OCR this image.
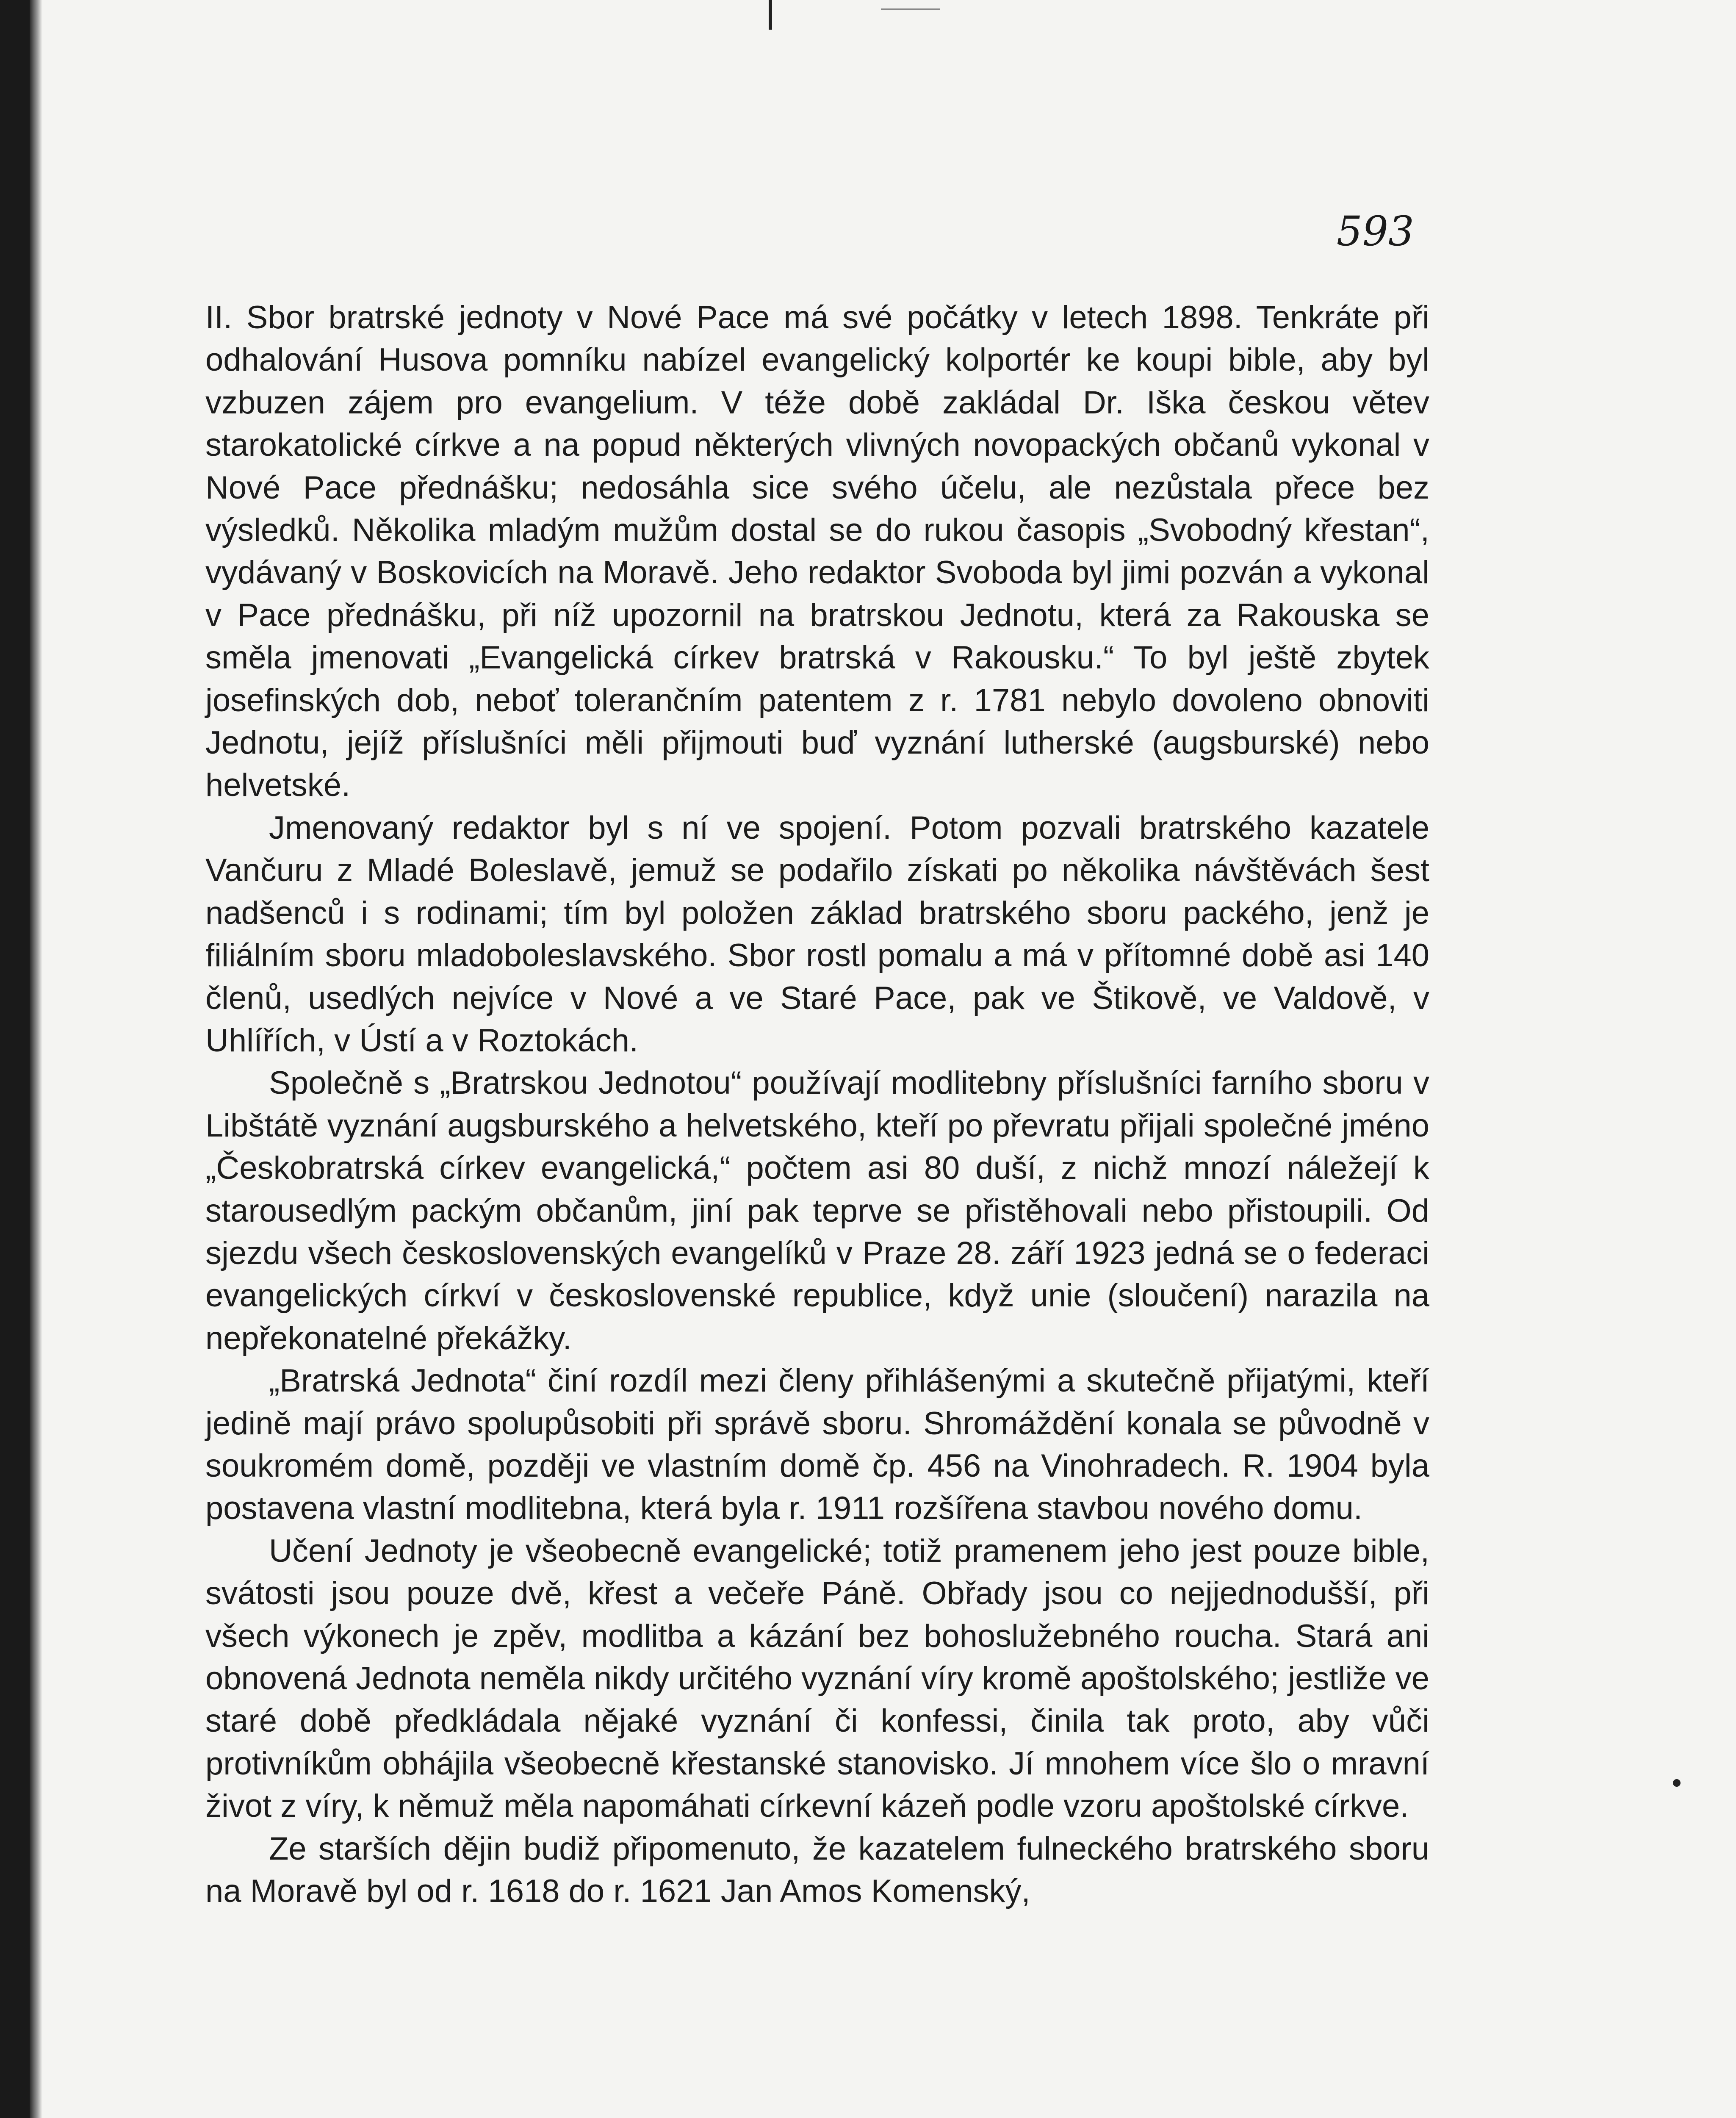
593

II. Sbor bratrské jednoty v Nové Pace má své počátky v letech 1898. Tenkráte při odhalování Husova pomníku nabízel evangelický kolportér ke koupi bible, aby byl vzbuzen zájem pro evangelium. V téže době zakládal Dr. Iška českou větev starokatolické církve a na popud některých vlivných novopackých občanů vykonal v Nové Pace přednášku; nedosáhla sice svého účelu, ale nezůstala přece bez výsledků. Několika mladým mužům dostal se do rukou časopis „Svobodný křestan“, vydávaný v Boskovicích na Moravě. Jeho redaktor Svoboda byl jimi pozván a vykonal v Pace přednášku, při níž upozornil na bratrskou Jednotu, která za Rakouska se směla jmenovati „Evangelická církev bratrská v Rakousku.“ To byl ještě zbytek josefinských dob, neboť tolerančním patentem z r. 1781 nebylo dovoleno obnoviti Jednotu, jejíž příslušníci měli přijmouti buď vyznání lutherské (augsburské) nebo helvetské.

Jmenovaný redaktor byl s ní ve spojení. Potom pozvali bratrského kazatele Vančuru z Mladé Boleslavě, jemuž se podařilo získati po několika návštěvách šest nadšenců i s rodinami; tím byl položen základ bratrského sboru packého, jenž je filiálním sboru mladoboleslavského. Sbor rostl pomalu a má v přítomné době asi 140 členů, usedlých nejvíce v Nové a ve Staré Pace, pak ve Štikově, ve Valdově, v Uhlířích, v Ústí a v Roztokách.

Společně s „Bratrskou Jednotou“ používají modlitebny příslušníci farního sboru v Libštátě vyznání augsburského a helvetského, kteří po převratu přijali společné jméno „Českobratrská církev evangelická,“ počtem asi 80 duší, z nichž mnozí náležejí k starousedlým packým občanům, jiní pak teprve se přistěhovali nebo přistoupili. Od sjezdu všech československých evangelíků v Praze 28. září 1923 jedná se o federaci evangelických církví v československé republice, když unie (sloučení) narazila na nepřekonatelné překážky.

„Bratrská Jednota“ činí rozdíl mezi členy přihlášenými a skutečně přijatými, kteří jedině mají právo spolupůsobiti při správě sboru. Shromáždění konala se původně v soukromém domě, později ve vlastním domě čp. 456 na Vinohradech. R. 1904 byla postavena vlastní modlitebna, která byla r. 1911 rozšířena stavbou nového domu.

Učení Jednoty je všeobecně evangelické; totiž pramenem jeho jest pouze bible, svátosti jsou pouze dvě, křest a večeře Páně. Obřady jsou co nejjednodušší, při všech výkonech je zpěv, modlitba a kázání bez bohoslužebného roucha. Stará ani obnovená Jednota neměla nikdy určitého vyznání víry kromě apoštolského; jestliže ve staré době předkládala nějaké vyznání či konfessi, činila tak proto, aby vůči protivníkům obhájila všeobecně křestanské stanovisko. Jí mnohem více šlo o mravní život z víry, k němuž měla napomáhati církevní kázeň podle vzoru apoštolské církve.

Ze starších dějin budiž připomenuto, že kazatelem fulneckého bratrského sboru na Moravě byl od r. 1618 do r. 1621 Jan Amos Komenský,
